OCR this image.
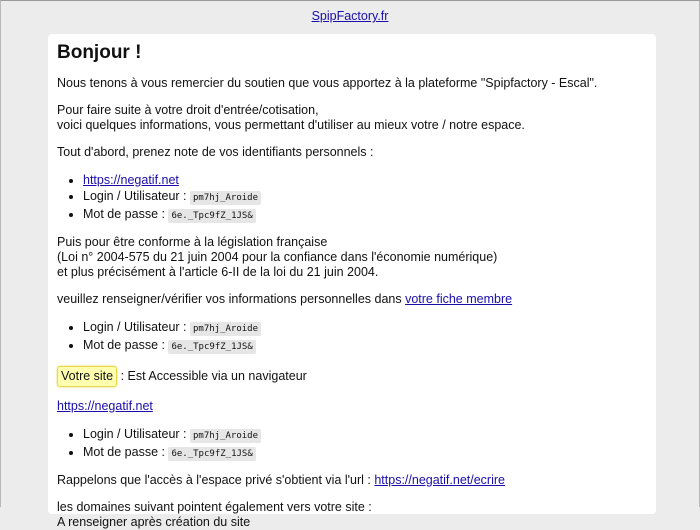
SpipFactory.fr
Bonjour !

Nous tenons à vous remercier du soutien que vous apportez à la plateforme "Spipfactory - Escal".

Pour faire suite à votre droit d'entrée/cotisation,
voici quelques informations, vous permettant d'utiliser au mieux votre / notre espace.

Tout d'abord, prenez note de vos identifiants personnels :

• https://negatif.net
• Login / Utilisateur : pm7hj_Aroide
• Mot de passe : 6e._Tpc9fZ_1JS&

Puis pour être conforme à la législation française
(Loi n° 2004-575 du 21 juin 2004 pour la confiance dans l'économie numérique)
et plus précisément à l'article 6-II de la loi du 21 juin 2004.

veuillez renseigner/vérifier vos informations personnelles dans votre fiche membre

• Login / Utilisateur : pm7hj_Aroide
• Mot de passe : 6e._Tpc9fZ_1JS&

Votre site : Est Accessible via un navigateur

https://negatif.net

• Login / Utilisateur : pm7hj_Aroide
• Mot de passe : 6e._Tpc9fZ_1JS&

Rappelons que l'accès à l'espace privé s'obtient via l'url : https://negatif.net/ecrire

les domaines suivant pointent également vers votre site :
A renseigner après création du site
